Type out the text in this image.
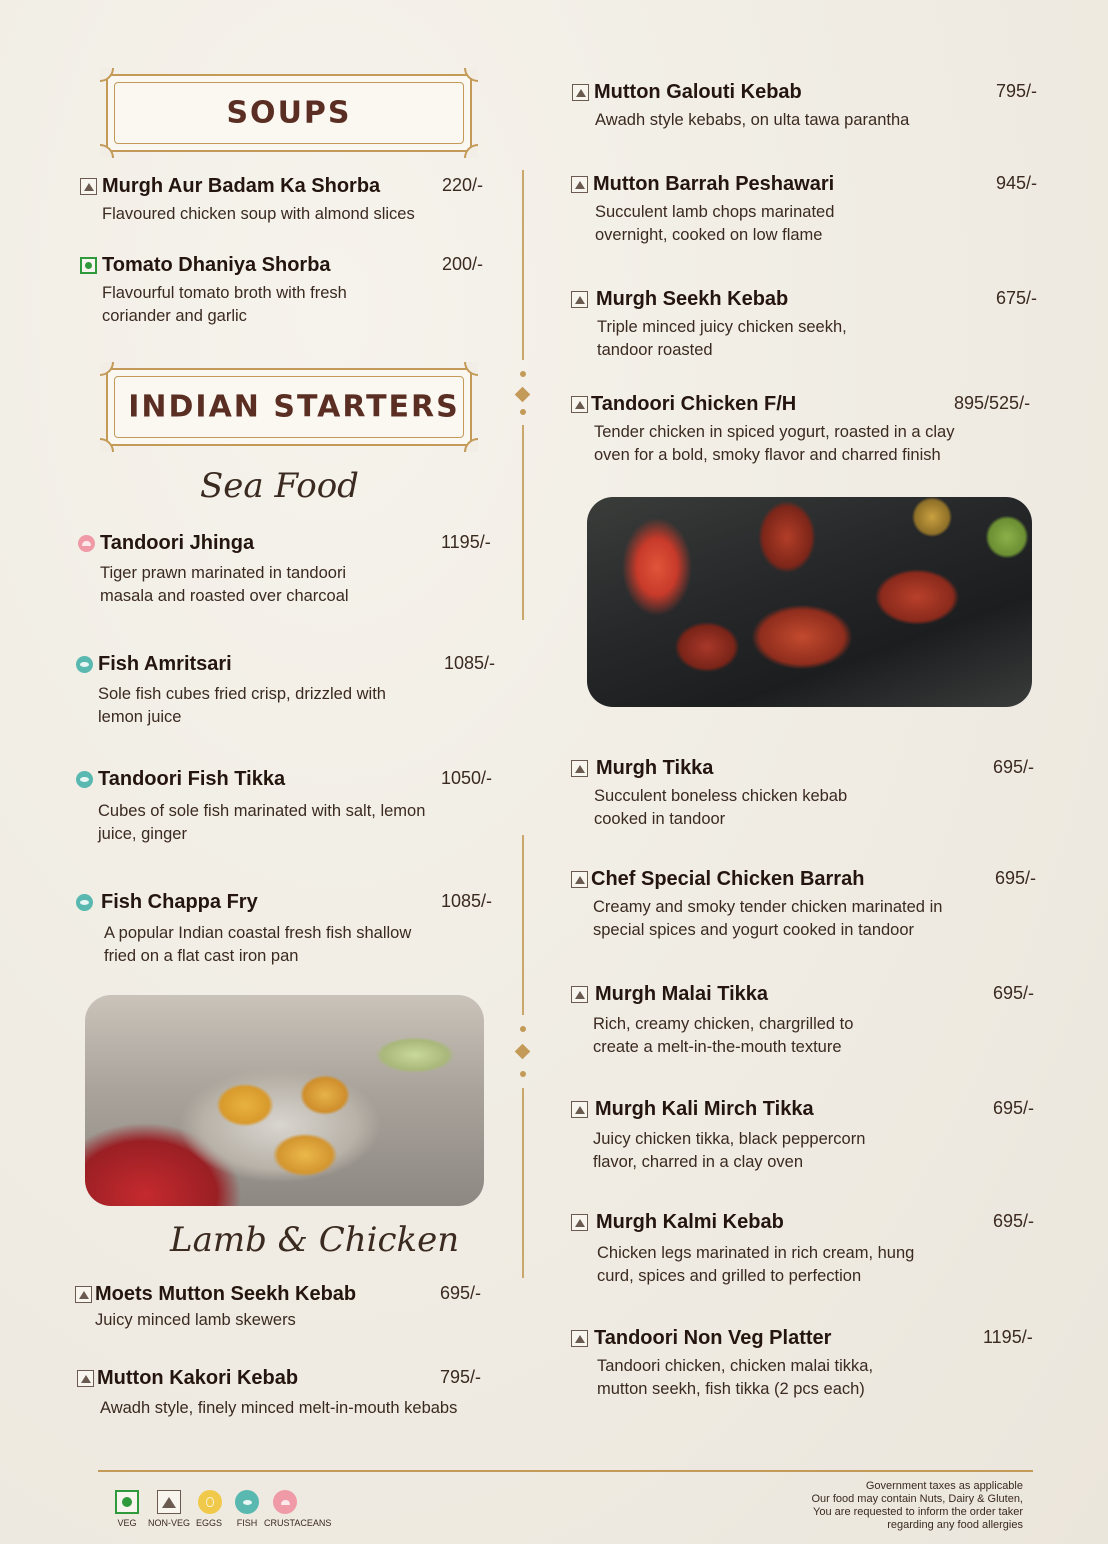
SOUPS
Murgh Aur Badam Ka Shorba	220/-
Flavoured chicken soup with almond slices
Tomato Dhaniya Shorba	200/-
Flavourful tomato broth with fresh coriander and garlic
INDIAN STARTERS
Sea Food
Tandoori Jhinga	1195/-
Tiger prawn marinated in tandoori masala and roasted over charcoal
Fish Amritsari	1085/-
Sole fish cubes fried crisp, drizzled with lemon juice
Tandoori Fish Tikka	1050/-
Cubes of sole fish marinated with salt, lemon juice, ginger
Fish Chappa Fry	1085/-
A popular Indian coastal fresh fish shallow fried on a flat cast iron pan
Lamb & Chicken
Moets Mutton Seekh Kebab	695/-
Juicy minced lamb skewers
Mutton Kakori Kebab	795/-
Awadh style, finely minced melt-in-mouth kebabs
Mutton Galouti Kebab	795/-
Awadh style kebabs, on ulta tawa parantha
Mutton Barrah Peshawari	945/-
Succulent lamb chops marinated overnight, cooked on low flame
Murgh Seekh Kebab	675/-
Triple minced juicy chicken seekh, tandoor roasted
Tandoori Chicken F/H	895/525/-
Tender chicken in spiced yogurt, roasted in a clay oven for a bold, smoky flavor and charred finish
Murgh Tikka	695/-
Succulent boneless chicken kebab cooked in tandoor
Chef Special Chicken Barrah	695/-
Creamy and smoky tender chicken marinated in special spices and yogurt cooked in tandoor
Murgh Malai Tikka	695/-
Rich, creamy chicken, chargrilled to create a melt-in-the-mouth texture
Murgh Kali Mirch Tikka	695/-
Juicy chicken tikka, black peppercorn flavor, charred in a clay oven
Murgh Kalmi Kebab	695/-
Chicken legs marinated in rich cream, hung curd, spices and grilled to perfection
Tandoori Non Veg Platter	1195/-
Tandoori chicken, chicken malai tikka, mutton seekh, fish tikka (2 pcs each)
VEG NON-VEG EGGS FISH CRUSTACEANS
Government taxes as applicable
Our food may contain Nuts, Dairy & Gluten,
You are requested to inform the order taker
regarding any food allergies
